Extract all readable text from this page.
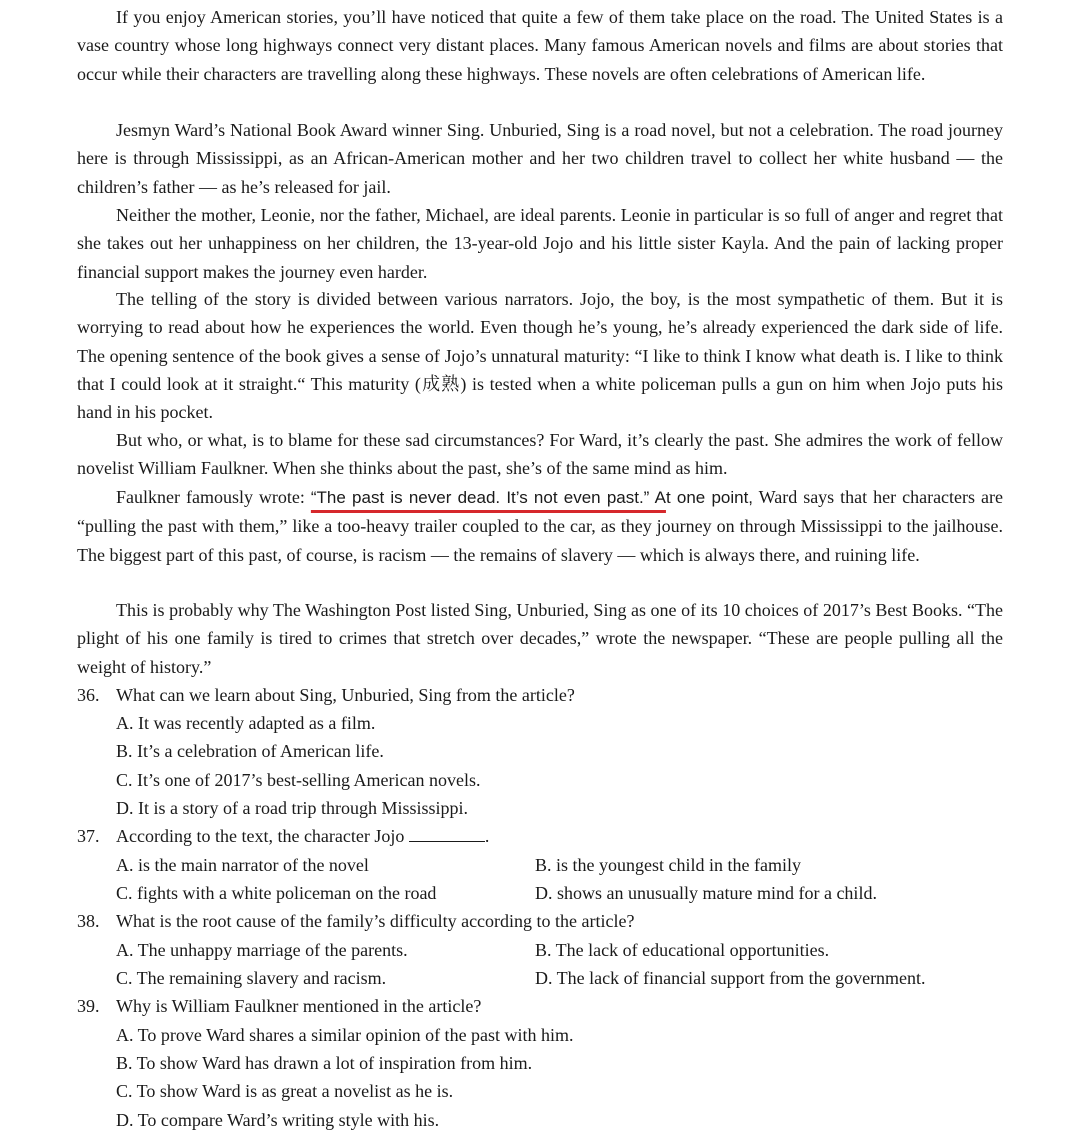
If you enjoy American stories, you’ll have noticed that quite a few of them take place on the road. The United States is a vase country whose long highways connect very distant places. Many famous American novels and films are about stories that occur while their characters are travelling along these highways. These novels are often celebrations of American life.

Jesmyn Ward’s National Book Award winner Sing. Unburied, Sing is a road novel, but not a celebration. The road journey here is through Mississippi, as an African-American mother and her two children travel to collect her white husband — the children’s father — as he’s released for jail.

Neither the mother, Leonie, nor the father, Michael, are ideal parents. Leonie in particular is so full of anger and regret that she takes out her unhappiness on her children, the 13-year-old Jojo and his little sister Kayla. And the pain of lacking proper financial support makes the journey even harder.

The telling of the story is divided between various narrators. Jojo, the boy, is the most sympathetic of them. But it is worrying to read about how he experiences the world. Even though he’s young, he’s already experienced the dark side of life. The opening sentence of the book gives a sense of Jojo’s unnatural maturity: “I like to think I know what death is. I like to think that I could look at it straight.“ This maturity (成熟) is tested when a white policeman pulls a gun on him when Jojo puts his hand in his pocket.

But who, or what, is to blame for these sad circumstances? For Ward, it’s clearly the past. She admires the work of fellow novelist William Faulkner. When she thinks about the past, she’s of the same mind as him.

Faulkner famously wrote: “The past is never dead. It’s not even past.” At one point, Ward says that her characters are “pulling the past with them,” like a too-heavy trailer coupled to the car, as they journey on through Mississippi to the jailhouse. The biggest part of this past, of course, is racism — the remains of slavery — which is always there, and ruining life.

This is probably why The Washington Post listed Sing, Unburied, Sing as one of its 10 choices of 2017’s Best Books. “The plight of his one family is tired to crimes that stretch over decades,” wrote the newspaper. “These are people pulling all the weight of history.”

36. What can we learn about Sing, Unburied, Sing from the article?

A. It was recently adapted as a film.

B. It’s a celebration of American life.

C. It’s one of 2017’s best-selling American novels.

D. It is a story of a road trip through Mississippi.

37. According to the text, the character Jojo	.

A. is the main narrator of the novel	B. is the youngest child in the family

C. fights with a white policeman on the road	D. shows an unusually mature mind for a child.

38. What is the root cause of the family’s difficulty according to the article?

A. The unhappy marriage of the parents.	B. The lack of educational opportunities.

C. The remaining slavery and racism.	D. The lack of financial support from the government.

39. Why is William Faulkner mentioned in the article?

A. To prove Ward shares a similar opinion of the past with him.

B. To show Ward has drawn a lot of inspiration from him.

C. To show Ward is as great a novelist as he is.

D. To compare Ward’s writing style with his.
